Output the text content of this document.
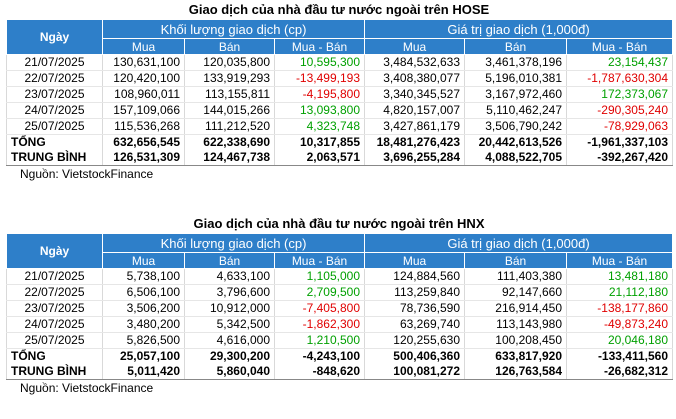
Giao dịch của nhà đầu tư nước ngoài trên HOSE
Ngày	Khối lượng giao dịch (cp)			Giá trị giao dịch (1,000đ)		
	Mua	Bán	Mua - Bán	Mua	Bán	Mua - Bán
21/07/2025	130,631,100	120,035,800	10,595,300	3,484,532,633	3,461,378,196	23,154,437
22/07/2025	120,420,100	133,919,293	-13,499,193	3,408,380,077	5,196,010,381	-1,787,630,304
23/07/2025	108,960,011	113,155,811	-4,195,800	3,340,345,527	3,167,972,460	172,373,067
24/07/2025	157,109,066	144,015,266	13,093,800	4,820,157,007	5,110,462,247	-290,305,240
25/07/2025	115,536,268	111,212,520	4,323,748	3,427,861,179	3,506,790,242	-78,929,063
TỔNG	632,656,545	622,338,690	10,317,855	18,481,276,423	20,442,613,526	-1,961,337,103
TRUNG BÌNH	126,531,309	124,467,738	2,063,571	3,696,255,284	4,088,522,705	-392,267,420
Nguồn: VietstockFinance
Giao dịch của nhà đầu tư nước ngoài trên HNX
Ngày	Khối lượng giao dịch (cp)			Giá trị giao dịch (1,000đ)		
	Mua	Bán	Mua - Bán	Mua	Bán	Mua - Bán
21/07/2025	5,738,100	4,633,100	1,105,000	124,884,560	111,403,380	13,481,180
22/07/2025	6,506,100	3,796,600	2,709,500	113,259,840	92,147,660	21,112,180
23/07/2025	3,506,200	10,912,000	-7,405,800	78,736,590	216,914,450	-138,177,860
24/07/2025	3,480,200	5,342,500	-1,862,300	63,269,740	113,143,980	-49,873,240
25/07/2025	5,826,500	4,616,000	1,210,500	120,255,630	100,208,450	20,046,180
TỔNG	25,057,100	29,300,200	-4,243,100	500,406,360	633,817,920	-133,411,560
TRUNG BÌNH	5,011,420	5,860,040	-848,620	100,081,272	126,763,584	-26,682,312
Nguồn: VietstockFinance
